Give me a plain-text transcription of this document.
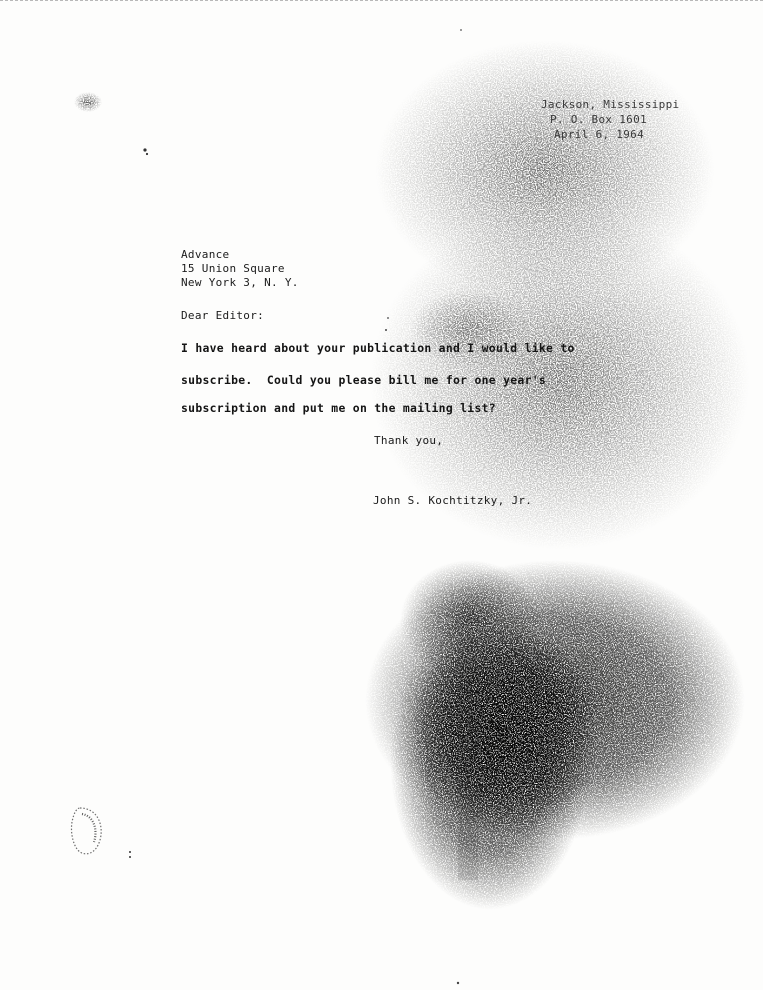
Jackson, Mississippi
P. O. Box 1601
April 6, 1964
Advance
15 Union Square
New York 3, N. Y.
Dear Editor:
I have heard about your publication and I would like to
subscribe.  Could you please bill me for one year's
subscription and put me on the mailing list?
Thank you,
John S. Kochtitzky, Jr.
